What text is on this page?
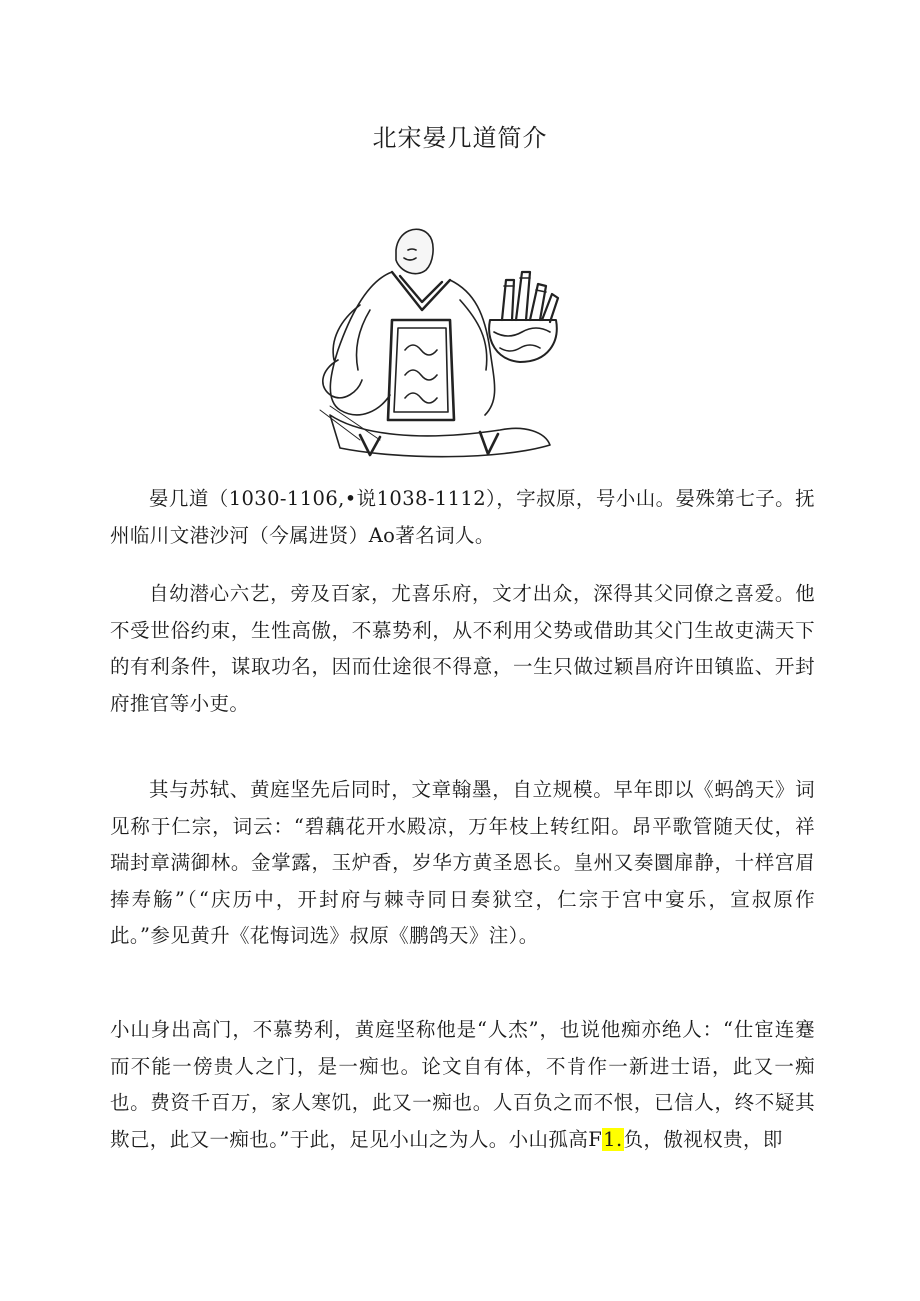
北宋晏几道简介

晏几道（1030-1106,•说1038-1112），字叔原，号小山。晏殊第七子。抚州临川文港沙河（今属进贤）Ao著名词人。

自幼潜心六艺，旁及百家，尤喜乐府，文才出众，深得其父同僚之喜爱。他不受世俗约束，生性高傲，不慕势利，从不利用父势或借助其父门生故吏满天下的有利条件，谋取功名，因而仕途很不得意，一生只做过颖昌府许田镇监、开封府推官等小吏。

其与苏轼、黄庭坚先后同时，文章翰墨，自立规模。早年即以《蚂鸽天》词见称于仁宗，词云：“碧藕花开水殿凉，万年枝上转红阳。昂平歌管随天仗，祥瑞封章满御林。金掌露，玉炉香，岁华方黄圣恩长。皇州又奏圜扉静，十样宫眉捧寿觞”（“庆历中，开封府与棘寺同日奏狱空，仁宗于宫中宴乐，宣叔原作此。”参见黄升《花悔词选》叔原《鹏鸽天》注）。

小山身出高门，不慕势利，黄庭坚称他是“人杰”，也说他痴亦绝人：“仕宦连蹇而不能一傍贵人之门，是一痴也。论文自有体，不肯作一新进士语，此又一痴也。费资千百万，家人寒饥，此又一痴也。人百负之而不恨，已信人，终不疑其欺己，此又一痴也。”于此，足见小山之为人。小山孤高F1.负，傲视权贵，即
